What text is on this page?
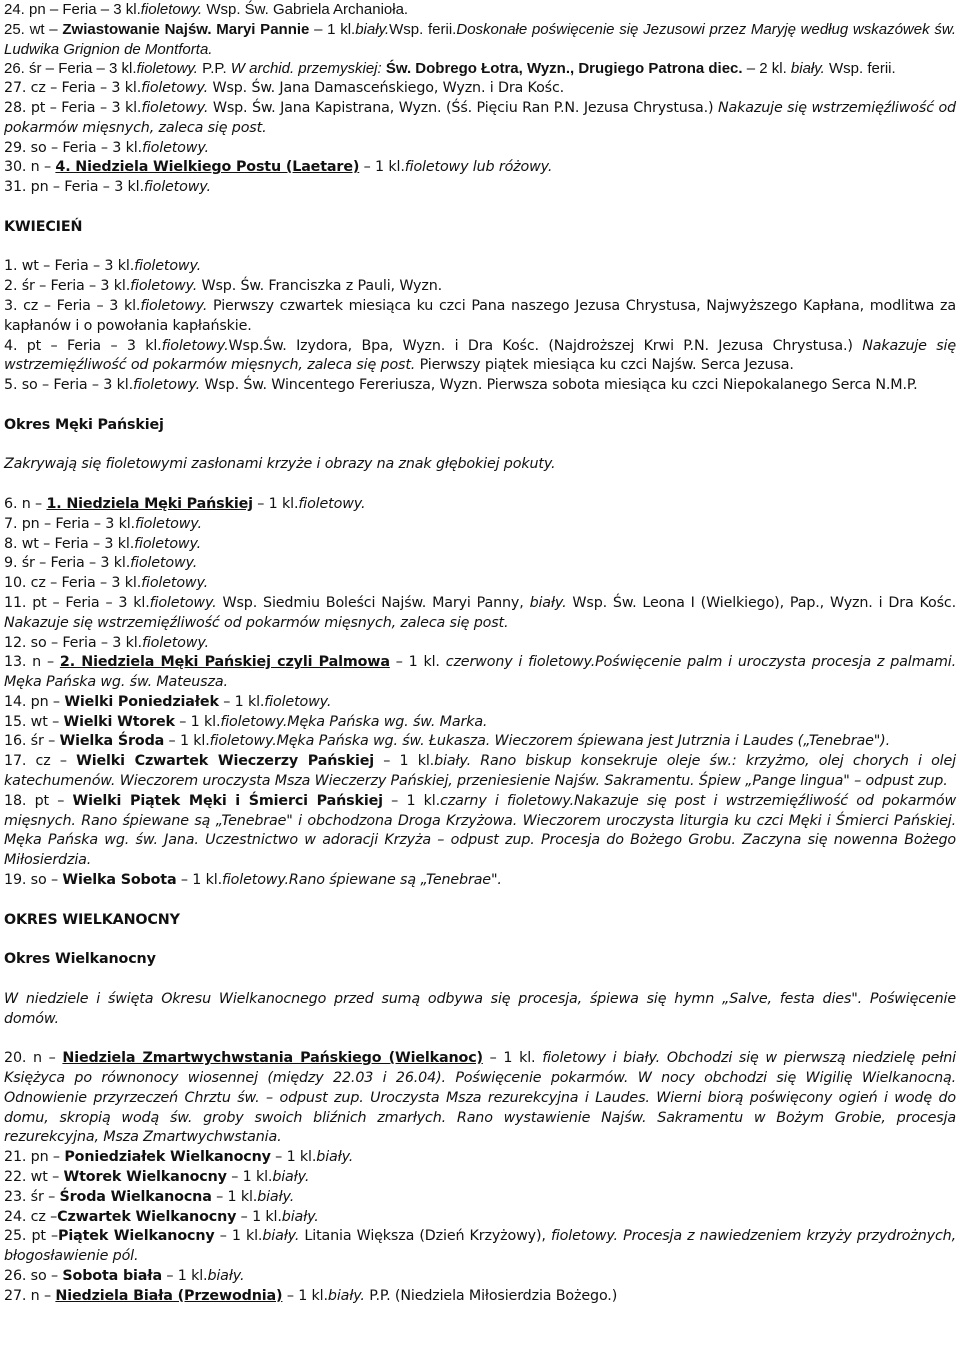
24. pn – Feria – 3 kl.fioletowy. Wsp. Św. Gabriela Archanioła.

25. wt – Zwiastowanie Najśw. Maryi Pannie – 1 kl.biały.Wsp. ferii.Doskonałe poświęcenie się Jezusowi przez Maryję według wskazówek św. Ludwika Grignion de Montforta.

26. śr – Feria – 3 kl.fioletowy. P.P. W archid. przemyskiej: Św. Dobrego Łotra, Wyzn., Drugiego Patrona diec. – 2 kl. biały. Wsp. ferii.

27. cz – Feria – 3 kl.fioletowy. Wsp. Św. Jana Damasceńskiego, Wyzn. i Dra Kośc.

28. pt – Feria – 3 kl.fioletowy. Wsp. Św. Jana Kapistrana, Wyzn. (Śś. Pięciu Ran P.N. Jezusa Chrystusa.) Nakazuje się wstrzemięźliwość od pokarmów mięsnych, zaleca się post.

29. so – Feria – 3 kl.fioletowy.

30. n – 4. Niedziela Wielkiego Postu (Laetare) – 1 kl.fioletowy lub różowy.

31. pn – Feria – 3 kl.fioletowy.

KWIECIEŃ

1. wt – Feria – 3 kl.fioletowy.

2. śr – Feria – 3 kl.fioletowy. Wsp. Św. Franciszka z Pauli, Wyzn.

3. cz – Feria – 3 kl.fioletowy. Pierwszy czwartek miesiąca ku czci Pana naszego Jezusa Chrystusa, Najwyższego Kapłana, modlitwa za kapłanów i o powołania kapłańskie.

4. pt – Feria – 3 kl.fioletowy.Wsp.Św. Izydora, Bpa, Wyzn. i Dra Kośc. (Najdroższej Krwi P.N. Jezusa Chrystusa.) Nakazuje się wstrzemięźliwość od pokarmów mięsnych, zaleca się post. Pierwszy piątek miesiąca ku czci Najśw. Serca Jezusa.

5. so – Feria – 3 kl.fioletowy. Wsp. Św. Wincentego Fereriusza, Wyzn. Pierwsza sobota miesiąca ku czci Niepokalanego Serca N.M.P.

Okres Męki Pańskiej

Zakrywają się fioletowymi zasłonami krzyże i obrazy na znak głębokiej pokuty.

6. n – 1. Niedziela Męki Pańskiej – 1 kl.fioletowy.

7. pn – Feria – 3 kl.fioletowy.

8. wt – Feria – 3 kl.fioletowy.

9. śr – Feria – 3 kl.fioletowy.

10. cz – Feria – 3 kl.fioletowy.

11. pt – Feria – 3 kl.fioletowy. Wsp. Siedmiu Boleści Najśw. Maryi Panny, biały. Wsp. Św. Leona I (Wielkiego), Pap., Wyzn. i Dra Kośc. Nakazuje się wstrzemięźliwość od pokarmów mięsnych, zaleca się post.

12. so – Feria – 3 kl.fioletowy.

13. n – 2. Niedziela Męki Pańskiej czyli Palmowa – 1 kl. czerwony i fioletowy.Poświęcenie palm i uroczysta procesja z palmami. Męka Pańska wg. św. Mateusza.

14. pn – Wielki Poniedziałek – 1 kl.fioletowy.

15. wt – Wielki Wtorek – 1 kl.fioletowy.Męka Pańska wg. św. Marka.

16. śr – Wielka Środa – 1 kl.fioletowy.Męka Pańska wg. św. Łukasza. Wieczorem śpiewana jest Jutrznia i Laudes („Tenebrae").

17. cz – Wielki Czwartek Wieczerzy Pańskiej – 1 kl.biały. Rano biskup konsekruje oleje św.: krzyżmo, olej chorych i olej katechumenów. Wieczorem uroczysta Msza Wieczerzy Pańskiej, przeniesienie Najśw. Sakramentu. Śpiew „Pange lingua" – odpust zup.

18. pt – Wielki Piątek Męki i Śmierci Pańskiej – 1 kl.czarny i fioletowy.Nakazuje się post i wstrzemięźliwość od pokarmów mięsnych. Rano śpiewane są „Tenebrae" i obchodzona Droga Krzyżowa. Wieczorem uroczysta liturgia ku czci Męki i Śmierci Pańskiej. Męka Pańska wg. św. Jana. Uczestnictwo w adoracji Krzyża – odpust zup. Procesja do Bożego Grobu. Zaczyna się nowenna Bożego Miłosierdzia.

19. so – Wielka Sobota – 1 kl.fioletowy.Rano śpiewane są „Tenebrae".

OKRES WIELKANOCNY

Okres Wielkanocny

W niedziele i święta Okresu Wielkanocnego przed sumą odbywa się procesja, śpiewa się hymn „Salve, festa dies". Poświęcenie domów.

20. n – Niedziela Zmartwychwstania Pańskiego (Wielkanoc) – 1 kl. fioletowy i biały. Obchodzi się w pierwszą niedzielę pełni Księżyca po równonocy wiosennej (między 22.03 i 26.04). Poświęcenie pokarmów. W nocy obchodzi się Wigilię Wielkanocną. Odnowienie przyrzeczeń Chrztu św. – odpust zup. Uroczysta Msza rezurekcyjna i Laudes. Wierni biorą poświęcony ogień i wodę do domu, skropią wodą św. groby swoich bliźnich zmarłych. Rano wystawienie Najśw. Sakramentu w Bożym Grobie, procesja rezurekcyjna, Msza Zmartwychwstania.

21. pn – Poniedziałek Wielkanocny – 1 kl.biały.

22. wt – Wtorek Wielkanocny – 1 kl.biały.

23. śr – Środa Wielkanocna – 1 kl.biały.

24. cz –Czwartek Wielkanocny – 1 kl.biały.

25. pt –Piątek Wielkanocny – 1 kl.biały. Litania Większa (Dzień Krzyżowy), fioletowy. Procesja z nawiedzeniem krzyży przydrożnych, błogosławienie pól.

26. so – Sobota biała – 1 kl.biały.

27. n – Niedziela Biała (Przewodnia) – 1 kl.biały. P.P. (Niedziela Miłosierdzia Bożego.)
